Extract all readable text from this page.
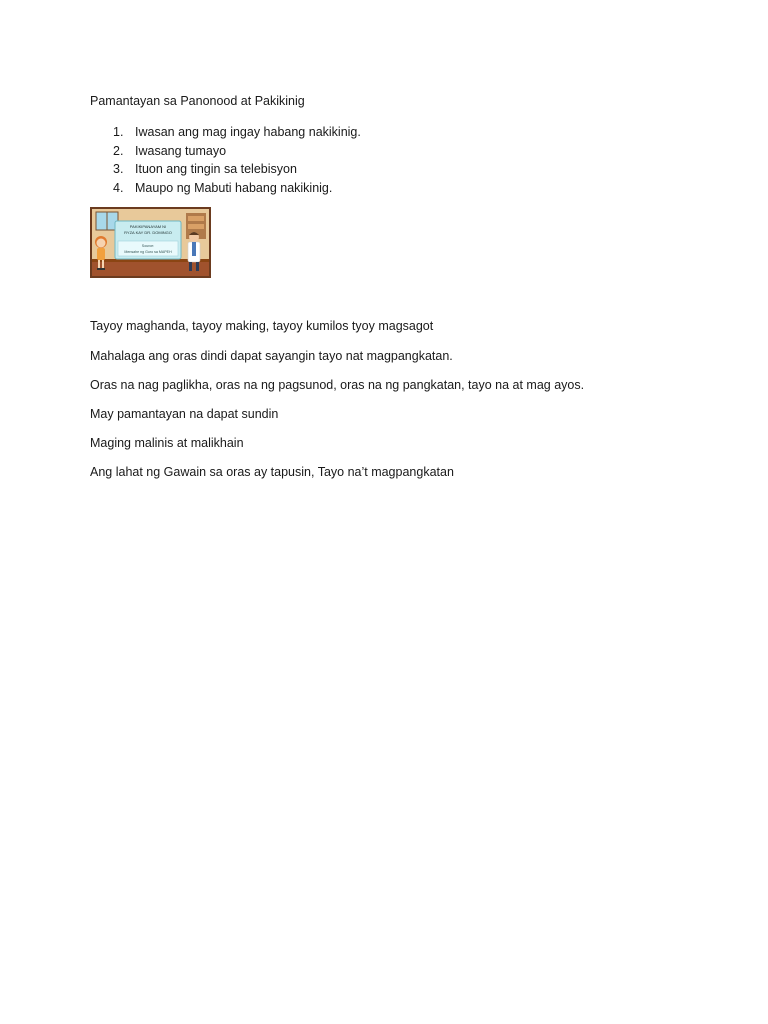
Pamantayan sa Panonood at Pakikinig

1. Iwasan ang mag ingay habang nakikinig.
2. Iwasang tumayo
3. Ituon ang tingin sa telebisyon
4. Maupo ng Mabuti habang nakikinig.
PAKIKIPANAYAM NI
RYZA KAY DR. DOMINGO
Source:
Mensahe ng Guro sa MAPEH

Tayoy maghanda, tayoy making, tayoy kumilos tyoy magsagot

Mahalaga ang oras dindi dapat sayangin tayo nat magpangkatan.

Oras na nag paglikha, oras na ng pagsunod, oras na ng pangkatan, tayo na at mag ayos.

May pamantayan na dapat sundin

Maging malinis at malikhain

Ang lahat ng Gawain sa oras ay tapusin, Tayo na’t magpangkatan
